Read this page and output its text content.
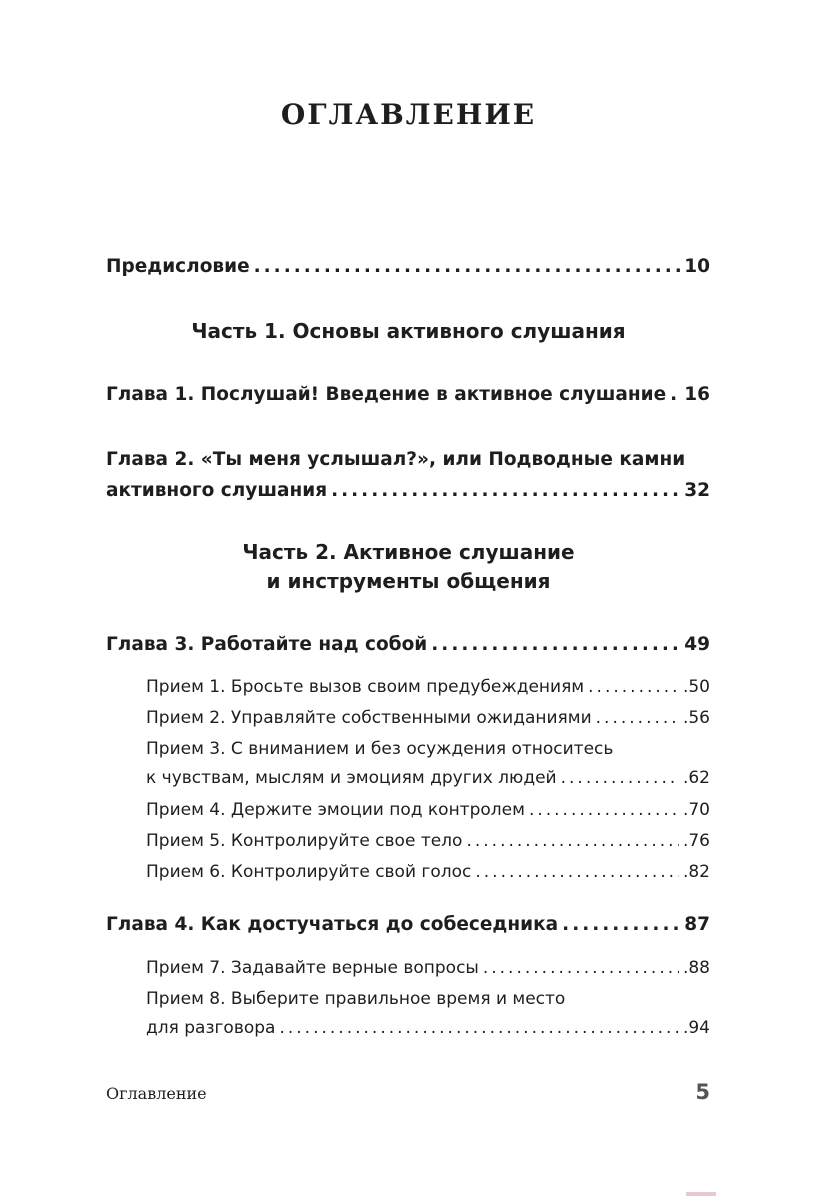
ОГЛАВЛЕНИЕ
Предисловие .....	10
Часть 1. Основы активного слушания
Глава 1. Послушай! Введение в активное слушание ..... 16
Глава 2. «Ты меня услышал?», или Подводные камни
активного слушания .....	32
Часть 2. Активное слушание
и инструменты общения
Глава 3. Работайте над собой .....	49
Прием 1. Бросьте вызов своим предубеждениям .....	.50
Прием 2. Управляйте собственными ожиданиями .....	.56
Прием 3. С вниманием и без осуждения относитесь
к чувствам, мыслям и эмоциям других людей .....	.62
Прием 4. Держите эмоции под контролем .....	.70
Прием 5. Контролируйте свое тело .....	.76
Прием 6. Контролируйте свой голос .....	.82
Глава 4. Как достучаться до собеседника .....	87
Прием 7. Задавайте верные вопросы .....	.88
Прием 8. Выберите правильное время и место
для разговора .....	.94
Оглавление	5
